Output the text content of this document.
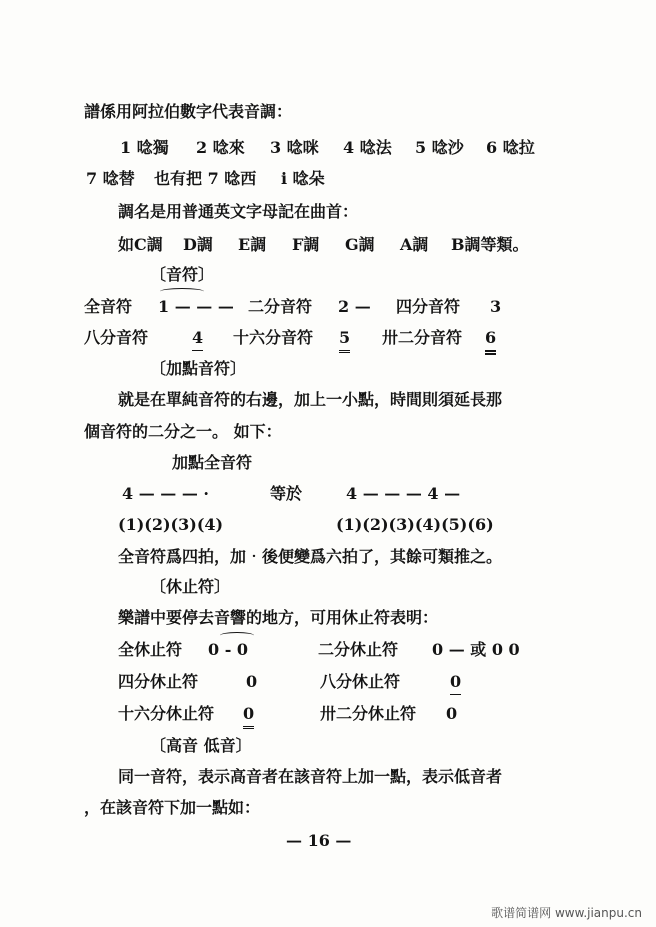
譜係用阿拉伯數字代表音調：
1 唸獨 2 唸來 3 唸咪 4 唸法 5 唸沙 6 唸拉
7 唸替 也有把 7 唸西 i 唸朵
調名是用普通英文字母記在曲首：
如C調 D調 E調 F調 G調 A調 B調等類。
〔音符〕
全音符 1 — — — 二分音符 2 — 四分音符 3
八分音符	4 十六分音符 5 卅二分音符 6
〔加點音符〕
就是在單純音符的右邊，加上一小點，時間則須延長那
個音符的二分之一。 如下：
加點全音符
4 — — — ·	等於	4 — — — 4 —
(1)(2)(3)(4)	(1)(2)(3)(4)(5)(6)
全音符爲四拍，加‧後便變爲六拍了，其餘可類推之。
〔休止符〕
樂譜中要停去音響的地方，可用休止符表明：
全休止符 0 - 0	二分休止符 0 — 或 0 0
四分休止符	0	八分休止符	0
十六分休止符 0	卅二分休止符 0
〔高音 低音〕
同一音符，表示高音者在該音符上加一點，表示低音者
，在該音符下加一點如：
— 16 —
歌谱简谱网 www.jianpu.cn
